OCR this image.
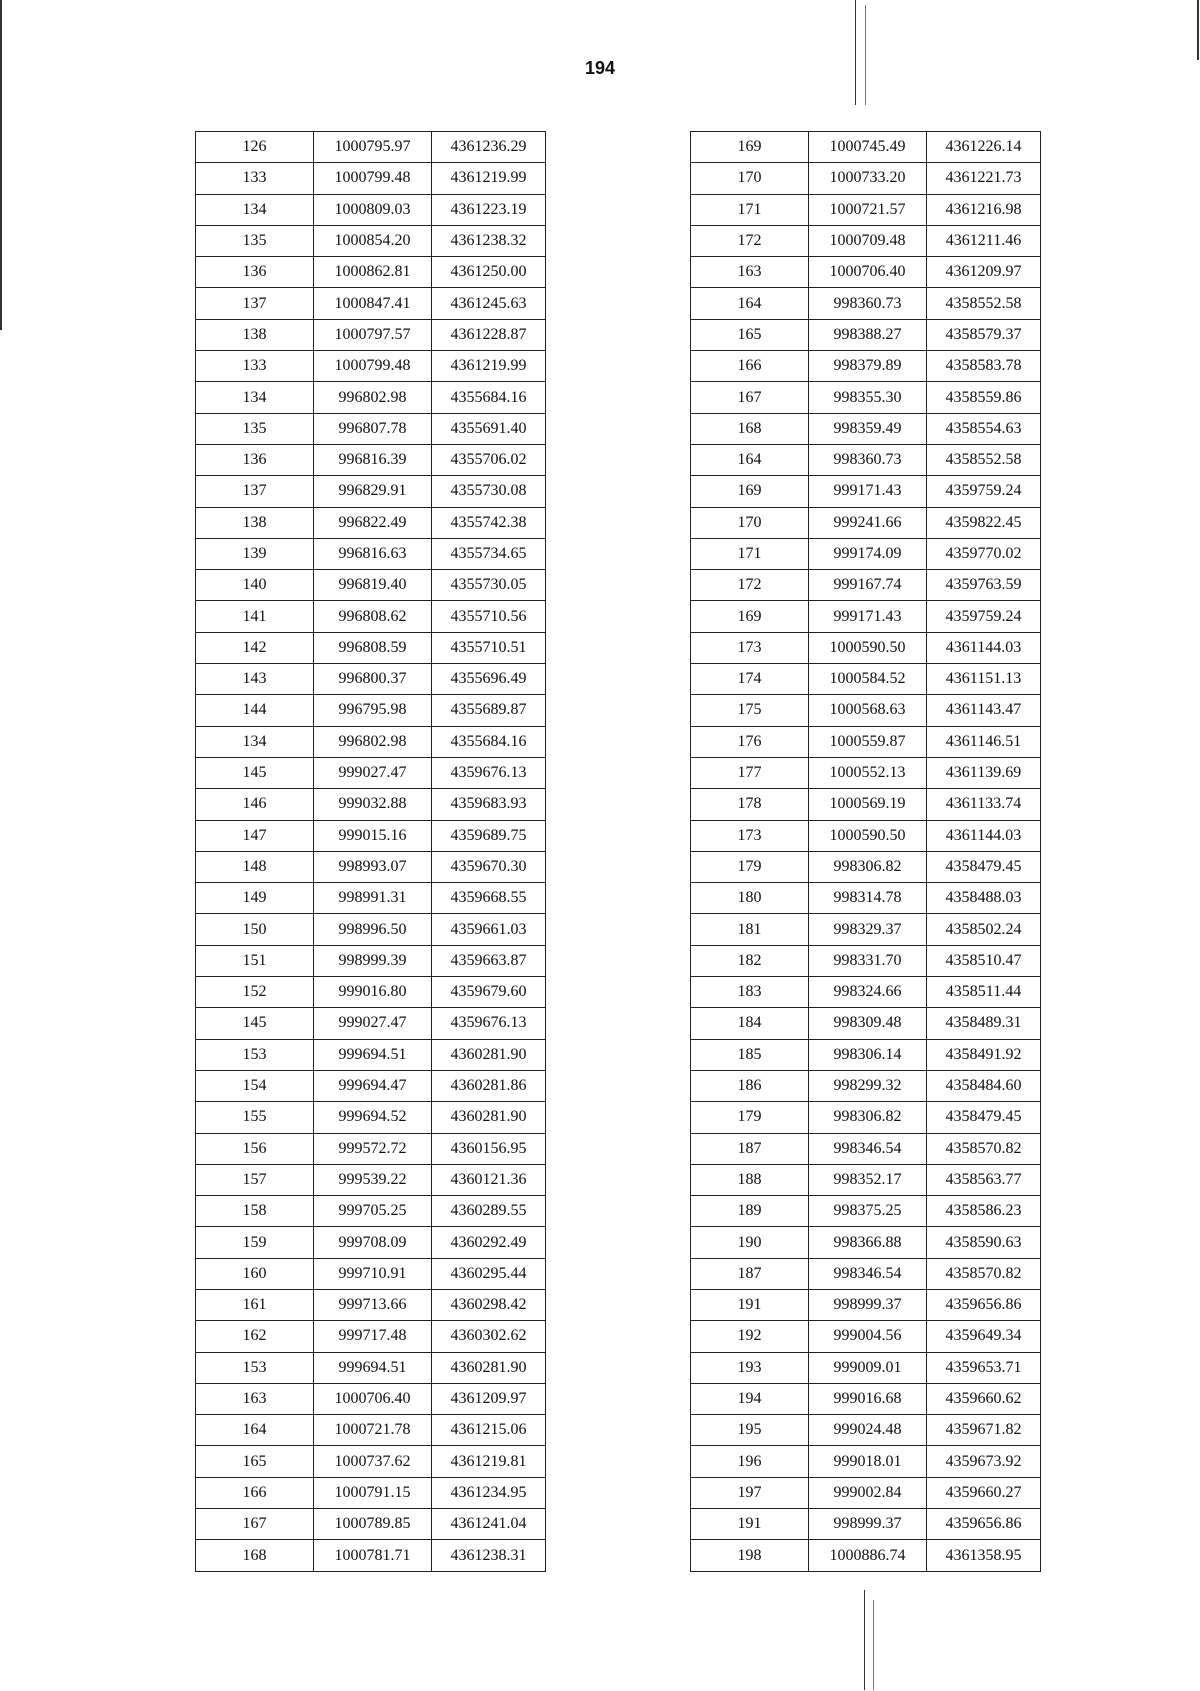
194
126	1000795.97	4361236.29
133	1000799.48	4361219.99
134	1000809.03	4361223.19
135	1000854.20	4361238.32
136	1000862.81	4361250.00
137	1000847.41	4361245.63
138	1000797.57	4361228.87
133	1000799.48	4361219.99
134	996802.98	4355684.16
135	996807.78	4355691.40
136	996816.39	4355706.02
137	996829.91	4355730.08
138	996822.49	4355742.38
139	996816.63	4355734.65
140	996819.40	4355730.05
141	996808.62	4355710.56
142	996808.59	4355710.51
143	996800.37	4355696.49
144	996795.98	4355689.87
134	996802.98	4355684.16
145	999027.47	4359676.13
146	999032.88	4359683.93
147	999015.16	4359689.75
148	998993.07	4359670.30
149	998991.31	4359668.55
150	998996.50	4359661.03
151	998999.39	4359663.87
152	999016.80	4359679.60
145	999027.47	4359676.13
153	999694.51	4360281.90
154	999694.47	4360281.86
155	999694.52	4360281.90
156	999572.72	4360156.95
157	999539.22	4360121.36
158	999705.25	4360289.55
159	999708.09	4360292.49
160	999710.91	4360295.44
161	999713.66	4360298.42
162	999717.48	4360302.62
153	999694.51	4360281.90
163	1000706.40	4361209.97
164	1000721.78	4361215.06
165	1000737.62	4361219.81
166	1000791.15	4361234.95
167	1000789.85	4361241.04
168	1000781.71	4361238.31
169	1000745.49	4361226.14
170	1000733.20	4361221.73
171	1000721.57	4361216.98
172	1000709.48	4361211.46
163	1000706.40	4361209.97
164	998360.73	4358552.58
165	998388.27	4358579.37
166	998379.89	4358583.78
167	998355.30	4358559.86
168	998359.49	4358554.63
164	998360.73	4358552.58
169	999171.43	4359759.24
170	999241.66	4359822.45
171	999174.09	4359770.02
172	999167.74	4359763.59
169	999171.43	4359759.24
173	1000590.50	4361144.03
174	1000584.52	4361151.13
175	1000568.63	4361143.47
176	1000559.87	4361146.51
177	1000552.13	4361139.69
178	1000569.19	4361133.74
173	1000590.50	4361144.03
179	998306.82	4358479.45
180	998314.78	4358488.03
181	998329.37	4358502.24
182	998331.70	4358510.47
183	998324.66	4358511.44
184	998309.48	4358489.31
185	998306.14	4358491.92
186	998299.32	4358484.60
179	998306.82	4358479.45
187	998346.54	4358570.82
188	998352.17	4358563.77
189	998375.25	4358586.23
190	998366.88	4358590.63
187	998346.54	4358570.82
191	998999.37	4359656.86
192	999004.56	4359649.34
193	999009.01	4359653.71
194	999016.68	4359660.62
195	999024.48	4359671.82
196	999018.01	4359673.92
197	999002.84	4359660.27
191	998999.37	4359656.86
198	1000886.74	4361358.95
